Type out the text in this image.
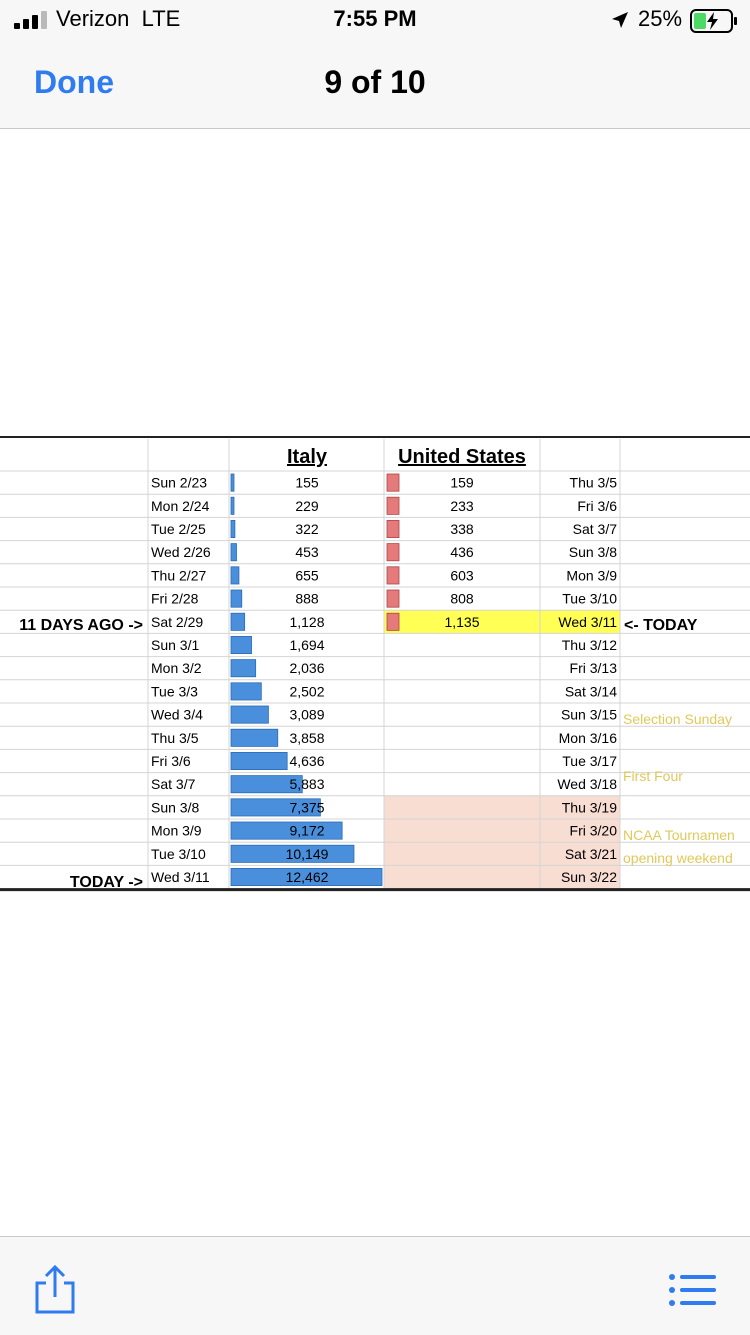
Verizon LTE	7:55 PM	25%
Done	9 of 10
Italy	United States
Sun 2/23	155	159	Thu 3/5
Mon 2/24	229	233	Fri 3/6
Tue 2/25	322	338	Sat 3/7
Wed 2/26	453	436	Sun 3/8
Thu 2/27	655	603	Mon 3/9
Fri 2/28	888	808	Tue 3/10
Sat 2/29	1,128	1,135	Wed 3/11
Sun 3/1	1,694	Thu 3/12
Mon 3/2	2,036	Fri 3/13
Tue 3/3	2,502	Sat 3/14
Wed 3/4	3,089	Sun 3/15
Thu 3/5	3,858	Mon 3/16
Fri 3/6	4,636	Tue 3/17
Sat 3/7	5,883	Wed 3/18
Sun 3/8	7,375	Thu 3/19
Mon 3/9	9,172	Fri 3/20
Tue 3/10	10,149	Sat 3/21
Wed 3/11	12,462	Sun 3/22
11 DAYS AGO ->
TODAY ->
<- TODAY
Selection Sunday
First Four
NCAA Tournamen
opening weekend
